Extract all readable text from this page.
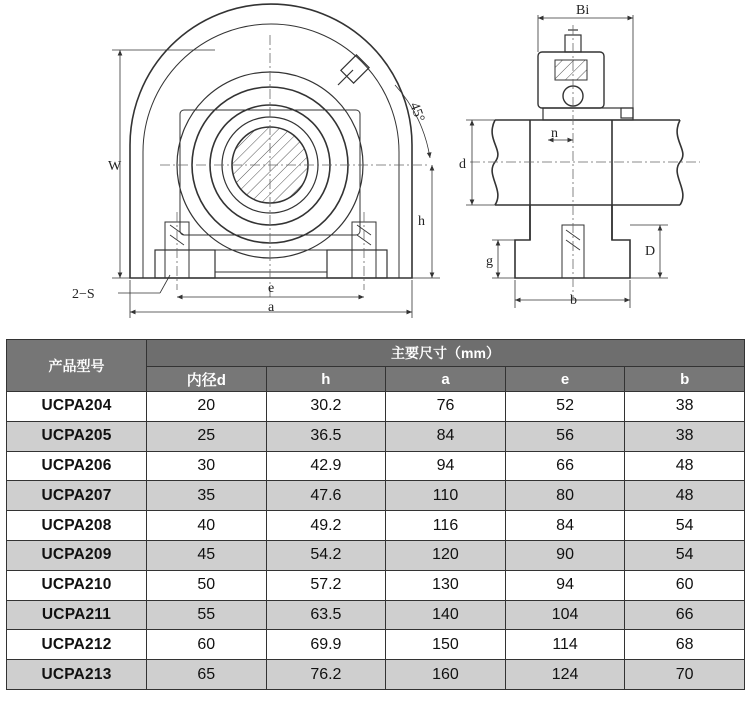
W
45°
h
e
a
2−S
Bi
d
n
g
D
b
产品型号	主要尺寸（mm）				
	内径d	h	a	e	b
UCPA204	20	30.2	76	52	38
UCPA205	25	36.5	84	56	38
UCPA206	30	42.9	94	66	48
UCPA207	35	47.6	110	80	48
UCPA208	40	49.2	116	84	54
UCPA209	45	54.2	120	90	54
UCPA210	50	57.2	130	94	60
UCPA211	55	63.5	140	104	66
UCPA212	60	69.9	150	114	68
UCPA213	65	76.2	160	124	70
